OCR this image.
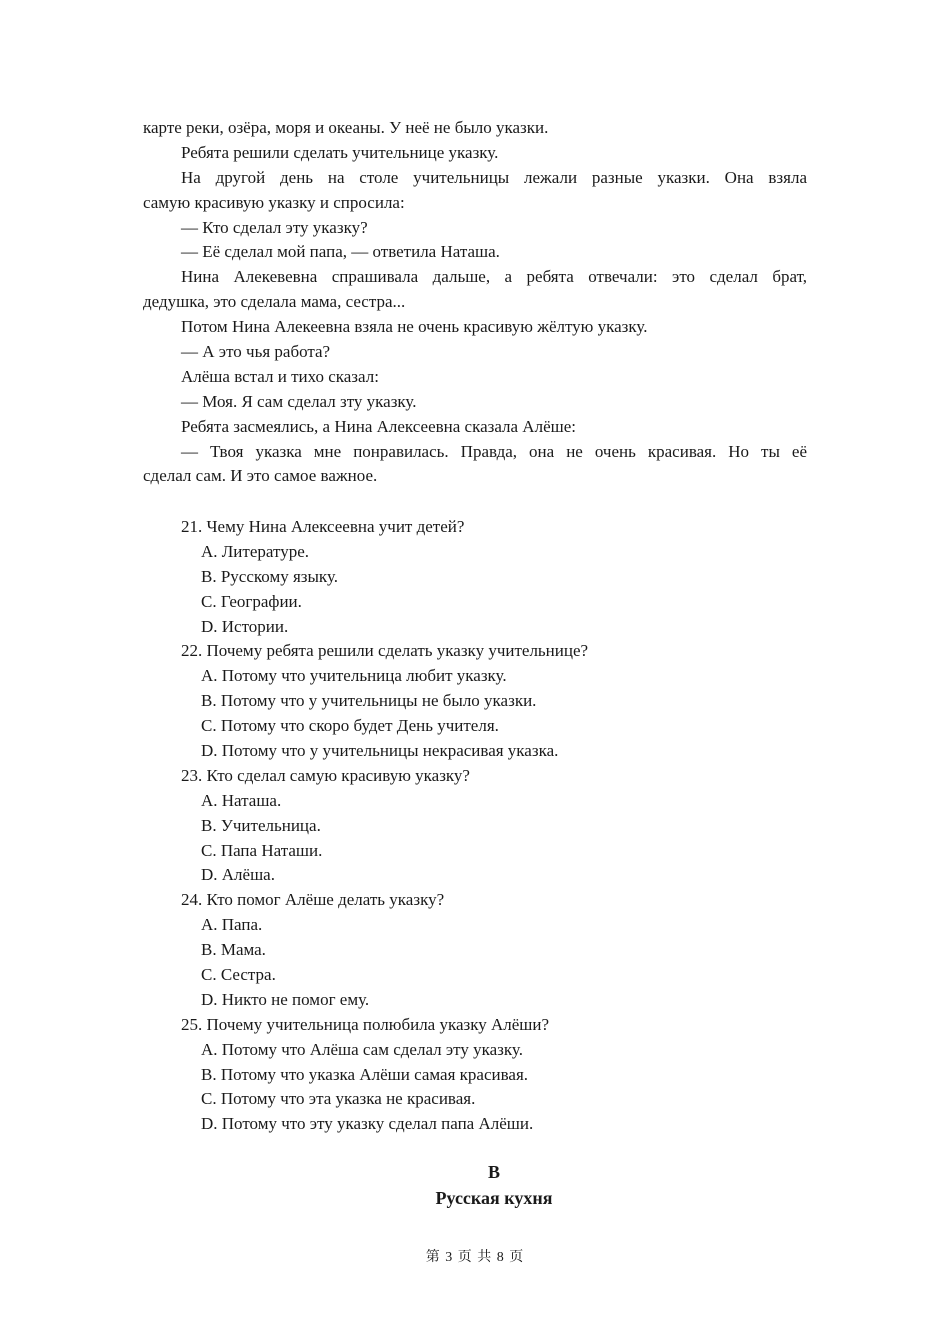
карте реки, озёра, моря и океаны. У неё не было указки.
Ребята решили сделать учительнице указку.
На другой день на столе учительницы лежали разные указки. Она взяла
самую красивую указку и спросила:
— Кто сделал эту указку?
— Её сделал мой папа, — ответила Наташа.
Нина Алекевевна спрашивала дальше, а ребята отвечали: это сделал брат,
дедушка, это сделала мама, сестра...
Потом Нина Алекеевна взяла не очень красивую жёлтую указку.
— А это чья работа?
Алёша встал и тихо сказал:
— Моя. Я сам сделал зту указку.
Ребята засмеялись, а Нина Алексеевна сказала Алёше:
— Твоя указка мне понравилась. Правда, она не очень красивая. Но ты её
сделал сам. И это самое важное.
21. Чему Нина Алексеевна учит детей?
A. Литературе.
B. Русскому языку.
C. Географии.
D. Истории.
22. Почему ребята решили сделать указку учительнице?
A. Потому что учительница любит указку.
B. Потому что у учительницы не было указки.
C. Потому что скоро будет День учителя.
D. Потому что у учительницы некрасивая указка.
23. Кто сделал самую красивую указку?
A. Наташа.
B. Учительница.
C. Папа Наташи.
D. Алёша.
24. Кто помог Алёше делать указку?
A. Папа.
B. Мама.
C. Сестра.
D. Никто не помог ему.
25. Почему учительница полюбила указку Алёши?
A. Потому что Алёша сам сделал эту указку.
B. Потому что указка Алёши самая красивая.
C. Потому что эта указка не красивая.
D. Потому что эту указку сделал папа Алёши.
B
Русская кухня
第 3 页 共 8 页
